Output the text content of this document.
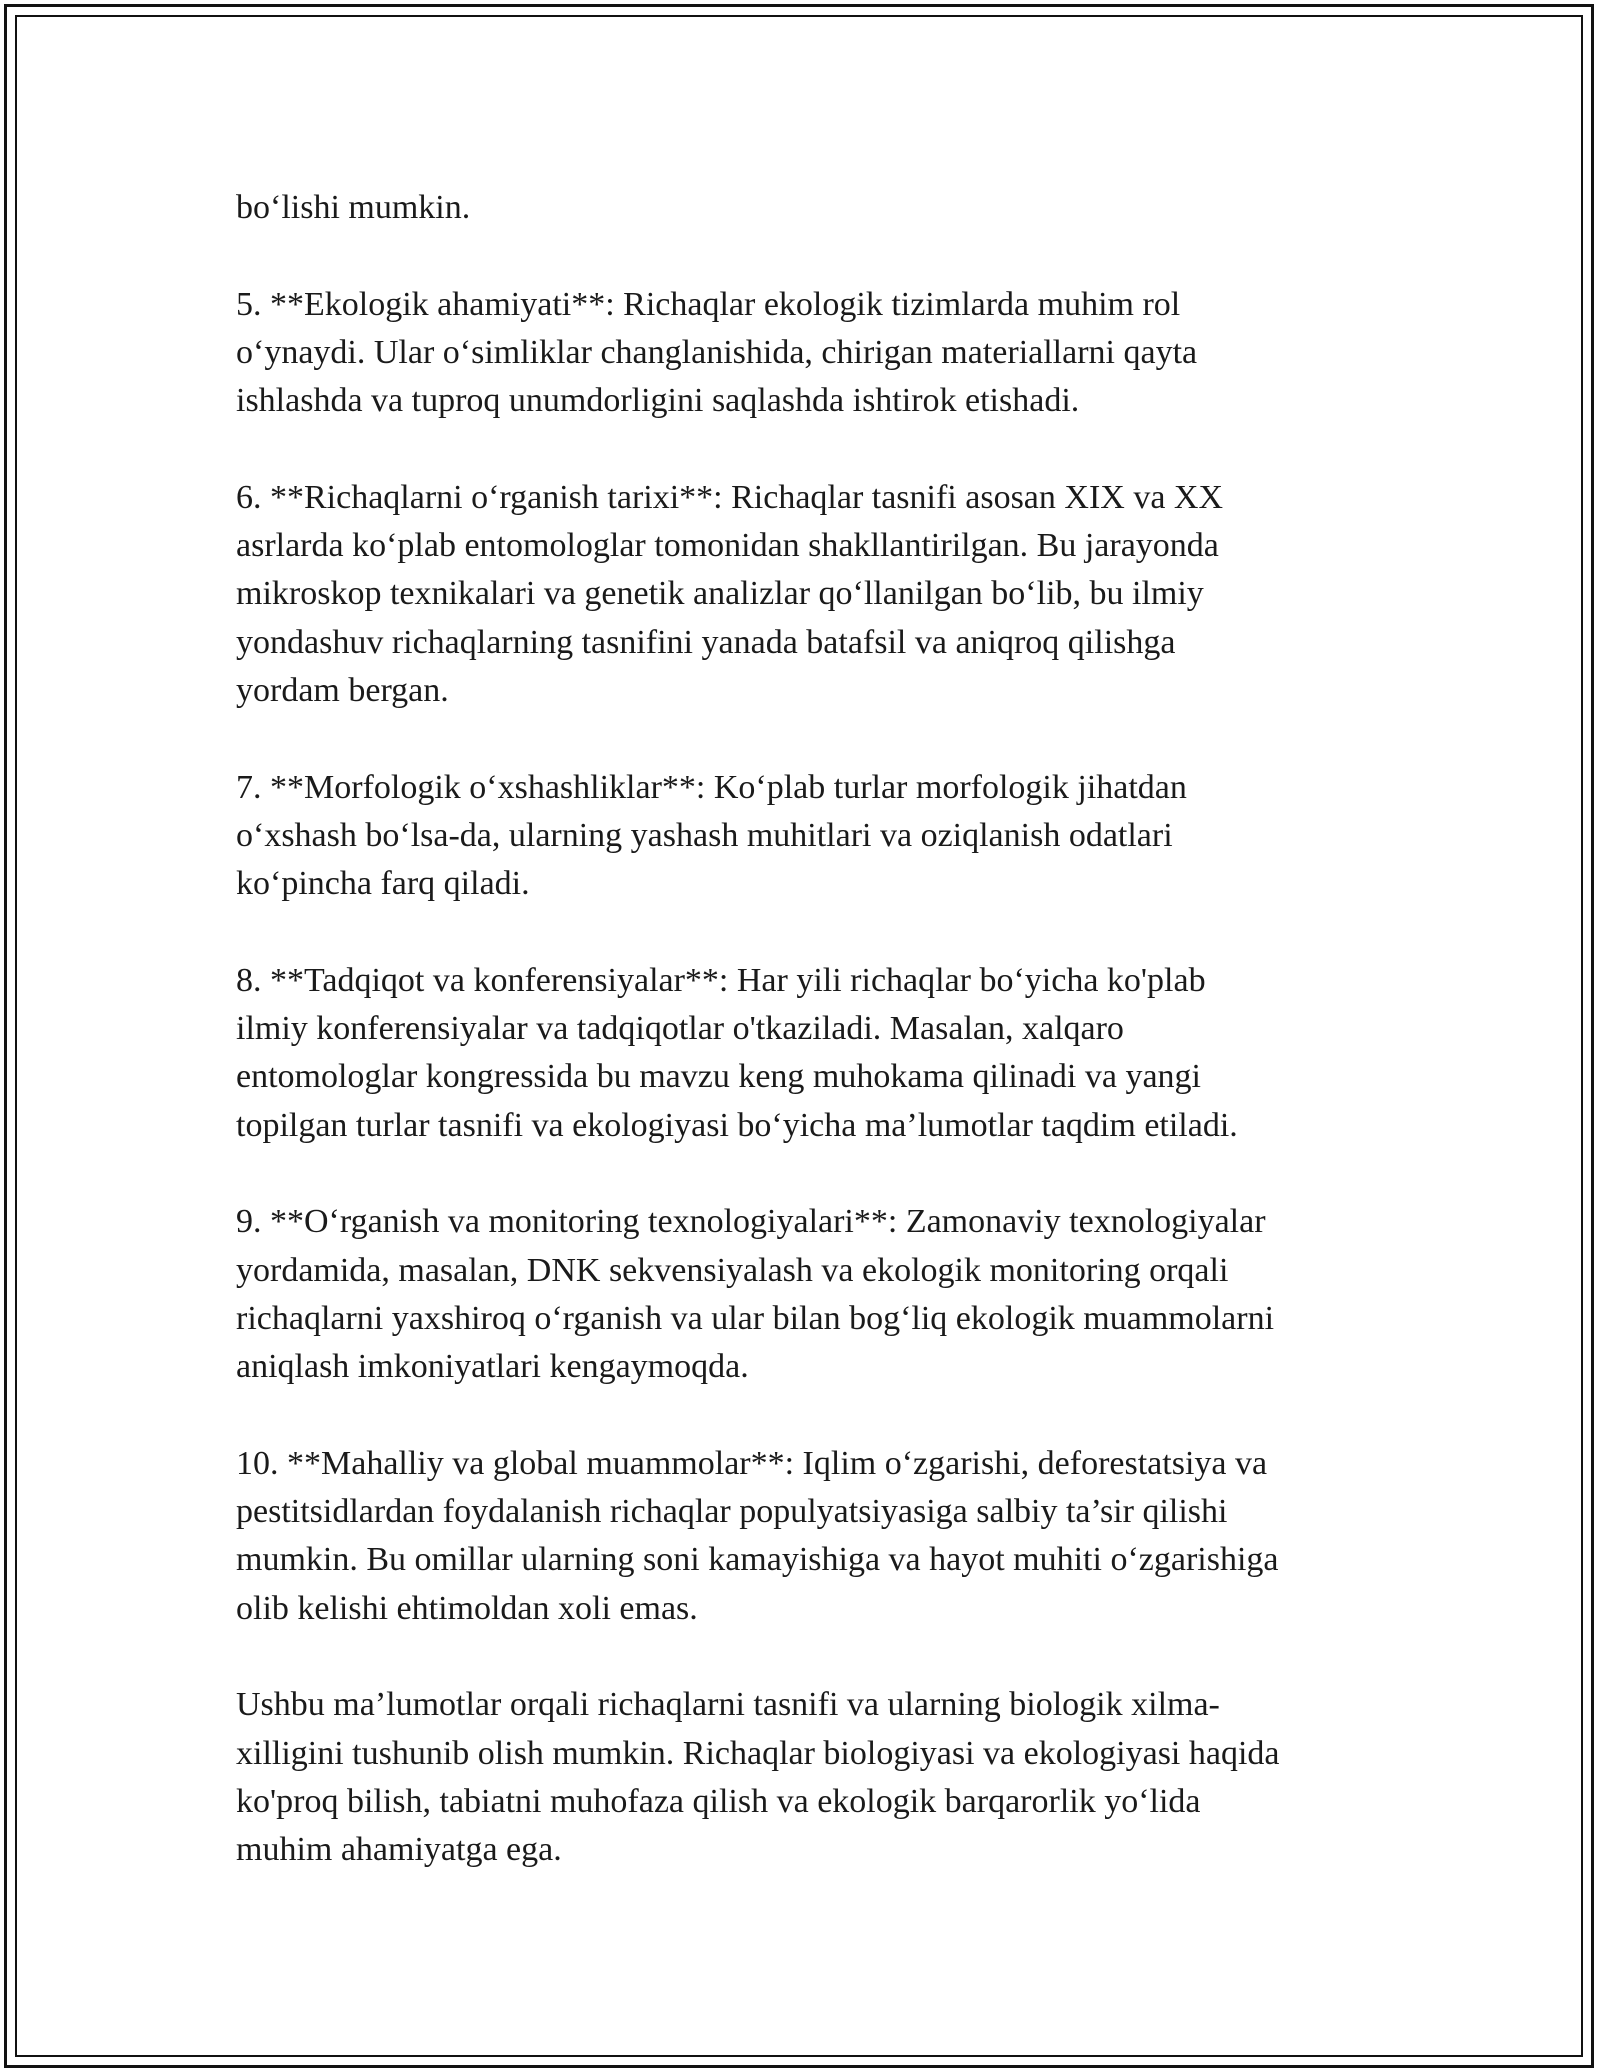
bo‘lishi mumkin.

5. **Ekologik ahamiyati**: Richaqlar ekologik tizimlarda muhim rol
o‘ynaydi. Ular o‘simliklar changlanishida, chirigan materiallarni qayta
ishlashda va tuproq unumdorligini saqlashda ishtirok etishadi.

6. **Richaqlarni o‘rganish tarixi**: Richaqlar tasnifi asosan XIX va XX
asrlarda ko‘plab entomologlar tomonidan shakllantirilgan. Bu jarayonda
mikroskop texnikalari va genetik analizlar qo‘llanilgan bo‘lib, bu ilmiy
yondashuv richaqlarning tasnifini yanada batafsil va aniqroq qilishga
yordam bergan.

7. **Morfologik o‘xshashliklar**: Ko‘plab turlar morfologik jihatdan
o‘xshash bo‘lsa-da, ularning yashash muhitlari va oziqlanish odatlari
ko‘pincha farq qiladi.

8. **Tadqiqot va konferensiyalar**: Har yili richaqlar bo‘yicha ko'plab
ilmiy konferensiyalar va tadqiqotlar o'tkaziladi. Masalan, xalqaro
entomologlar kongressida bu mavzu keng muhokama qilinadi va yangi
topilgan turlar tasnifi va ekologiyasi bo‘yicha ma’lumotlar taqdim etiladi.

9. **O‘rganish va monitoring texnologiyalari**: Zamonaviy texnologiyalar
yordamida, masalan, DNK sekvensiyalash va ekologik monitoring orqali
richaqlarni yaxshiroq o‘rganish va ular bilan bog‘liq ekologik muammolarni
aniqlash imkoniyatlari kengaymoqda.

10. **Mahalliy va global muammolar**: Iqlim o‘zgarishi, deforestatsiya va
pestitsidlardan foydalanish richaqlar populyatsiyasiga salbiy ta’sir qilishi
mumkin. Bu omillar ularning soni kamayishiga va hayot muhiti o‘zgarishiga
olib kelishi ehtimoldan xoli emas.

Ushbu ma’lumotlar orqali richaqlarni tasnifi va ularning biologik xilma-
xilligini tushunib olish mumkin. Richaqlar biologiyasi va ekologiyasi haqida
ko'proq bilish, tabiatni muhofaza qilish va ekologik barqarorlik yo‘lida
muhim ahamiyatga ega.
